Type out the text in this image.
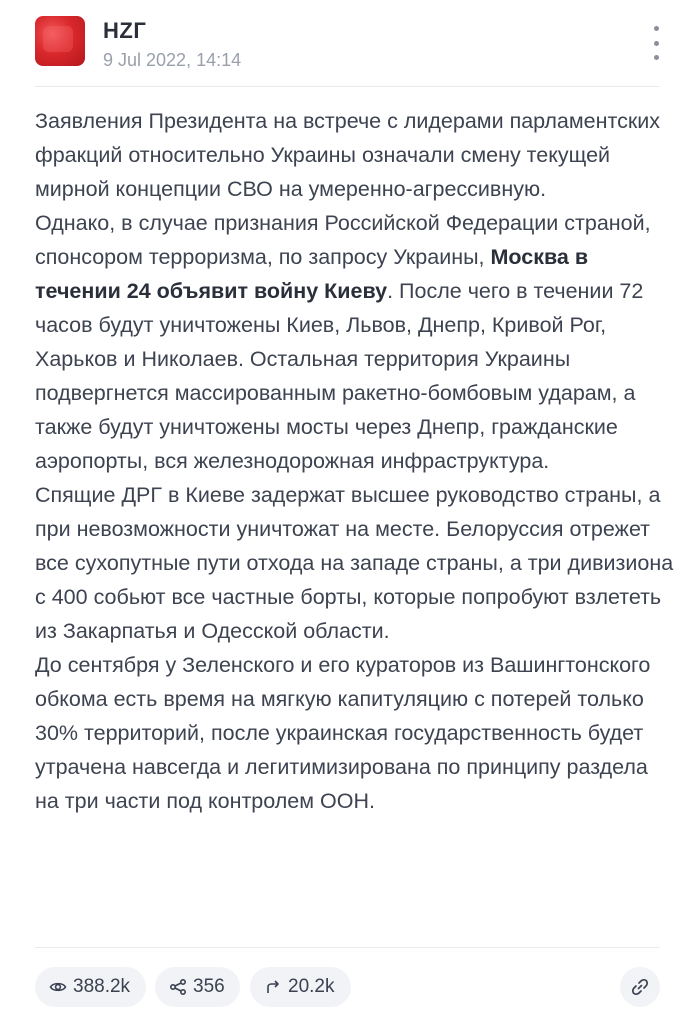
HZГ
9 Jul 2022, 14:14

Заявления Президента на встрече с лидерами парламентских фракций относительно Украины означали смену текущей мирной концепции СВО на умеренно-агрессивную.

Однако, в случае признания Российской Федерации страной, спонсором терроризма, по запросу Украины, Москва в течении 24 объявит войну Киеву. После чего в течении 72 часов будут уничтожены Киев, Львов, Днепр, Кривой Рог, Харьков и Николаев. Остальная территория Украины подвергнется массированным ракетно-бомбовым ударам, а также будут уничтожены мосты через Днепр, гражданские аэропорты, вся железнодорожная инфраструктура.

Спящие ДРГ в Киеве задержат высшее руководство страны, а при невозможности уничтожат на месте. Белоруссия отрежет все сухопутные пути отхода на западе страны, а три дивизиона с 400 собьют все частные борты, которые попробуют взлететь из Закарпатья и Одесской области.

До сентября у Зеленского и его кураторов из Вашингтонского обкома есть время на мягкую капитуляцию с потерей только 30% территорий, после украинская государственность будет утрачена навсегда и легитимизирована по принципу раздела на три части под контролем ООН.

388.2k	356	20.2k
